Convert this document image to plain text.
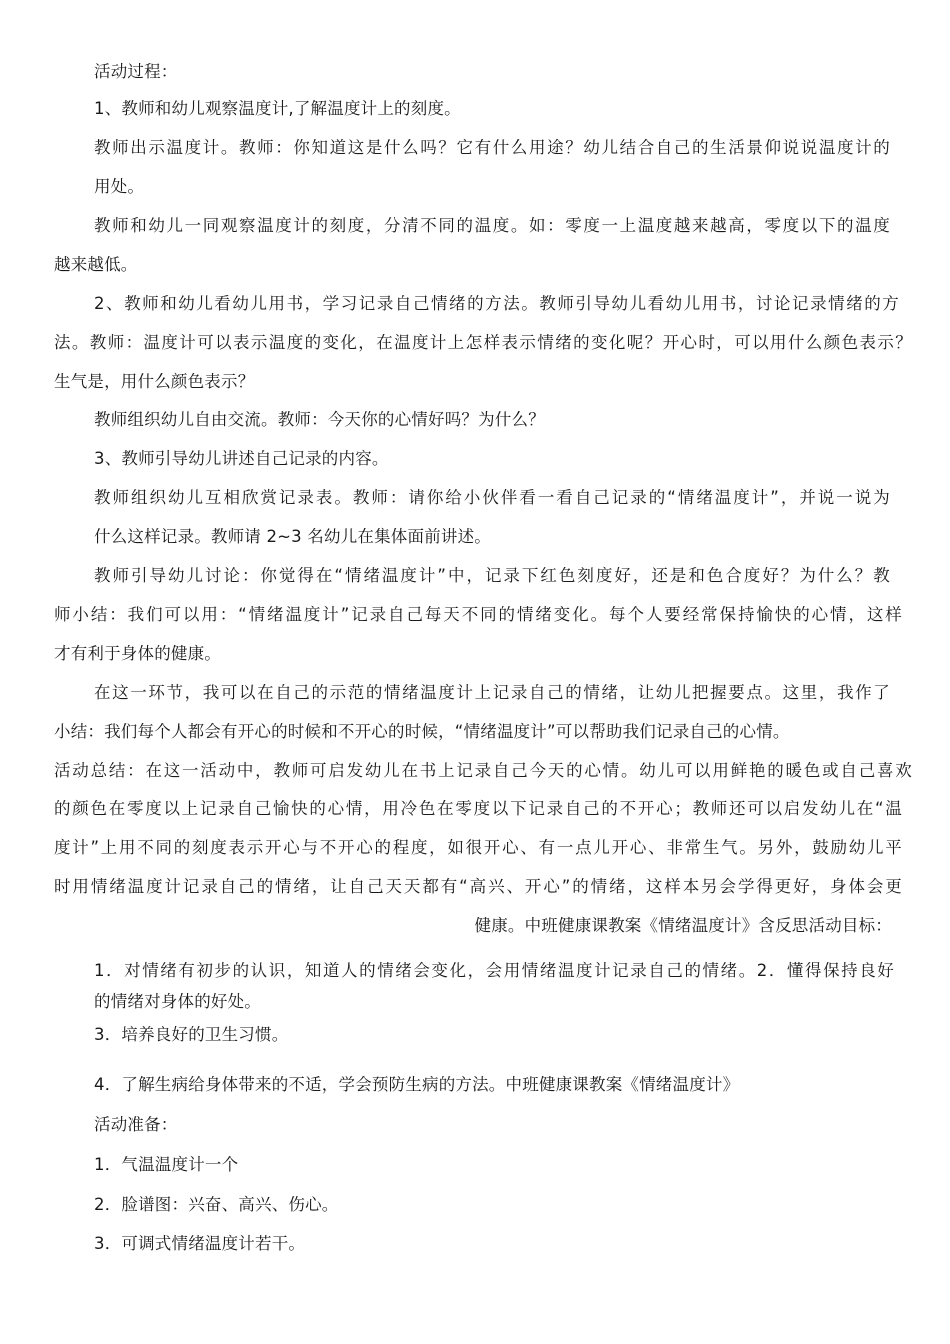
活动过程：

1、教师和幼儿观察温度计,了解温度计上的刻度。

教师出示温度计。教师：你知道这是什么吗？它有什么用途？幼儿结合自己的生活景仰说说温度计的

用处。

教师和幼儿一同观察温度计的刻度，分清不同的温度。如：零度一上温度越来越高，零度以下的温度

越来越低。

2、教师和幼儿看幼儿用书，学习记录自己情绪的方法。教师引导幼儿看幼儿用书，讨论记录情绪的方

法。教师：温度计可以表示温度的变化，在温度计上怎样表示情绪的变化呢？开心时，可以用什么颜色表示？

生气是，用什么颜色表示？

教师组织幼儿自由交流。教师：今天你的心情好吗？为什么？

3、教师引导幼儿讲述自己记录的内容。

教师组织幼儿互相欣赏记录表。教师：请你给小伙伴看一看自己记录的“情绪温度计”，并说一说为

什么这样记录。教师请 2~3 名幼儿在集体面前讲述。

教师引导幼儿讨论：你觉得在“情绪温度计”中，记录下红色刻度好，还是和色合度好？为什么？教

师小结：我们可以用：“情绪温度计”记录自己每天不同的情绪变化。每个人要经常保持愉快的心情，这样

才有利于身体的健康。

在这一环节，我可以在自己的示范的情绪温度计上记录自己的情绪，让幼儿把握要点。这里，我作了

小结：我们每个人都会有开心的时候和不开心的时候，“情绪温度计”可以帮助我们记录自己的心情。

活动总结：在这一活动中，教师可启发幼儿在书上记录自己今天的心情。幼儿可以用鲜艳的暖色或自己喜欢

的颜色在零度以上记录自己愉快的心情，用冷色在零度以下记录自己的不开心；教师还可以启发幼儿在“温

度计”上用不同的刻度表示开心与不开心的程度，如很开心、有一点儿开心、非常生气。另外，鼓励幼儿平

时用情绪温度计记录自己的情绪，让自己天天都有“高兴、开心”的情绪，这样本另会学得更好，身体会更

健康。中班健康课教案《情绪温度计》含反思活动目标：

1．对情绪有初步的认识，知道人的情绪会变化，会用情绪温度计记录自己的情绪。2．懂得保持良好

的情绪对身体的好处。

3．培养良好的卫生习惯。

4．了解生病给身体带来的不适，学会预防生病的方法。中班健康课教案《情绪温度计》

活动准备：

1．气温温度计一个

2．脸谱图：兴奋、高兴、伤心。

3．可调式情绪温度计若干。
